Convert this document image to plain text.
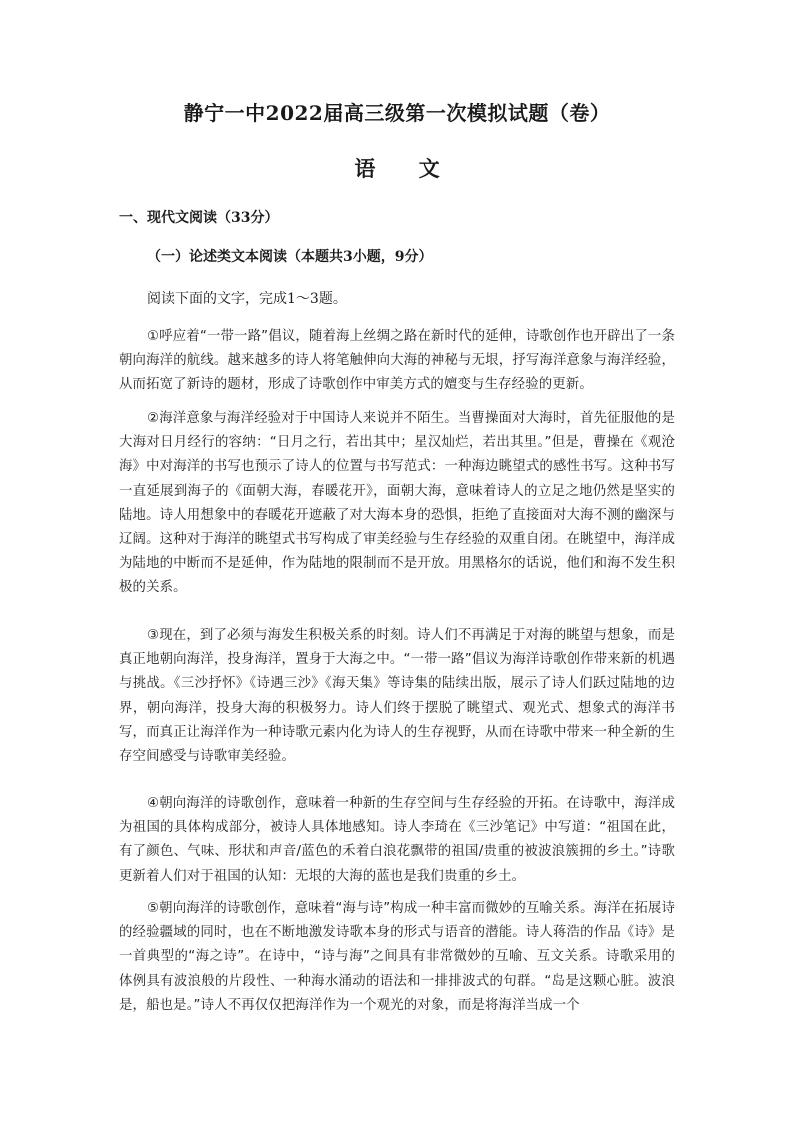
静宁一中2022届高三级第一次模拟试题（卷）
语 文
一、现代文阅读（33分）
（一）论述类文本阅读（本题共3小题，9分）
阅读下面的文字，完成1～3题。

①呼应着“一带一路”倡议，随着海上丝绸之路在新时代的延伸，诗歌创作也开辟出了一条朝向海洋的航线。越来越多的诗人将笔触伸向大海的神秘与无垠，抒写海洋意象与海洋经验，从而拓宽了新诗的题材，形成了诗歌创作中审美方式的嬗变与生存经验的更新。

②海洋意象与海洋经验对于中国诗人来说并不陌生。当曹操面对大海时，首先征服他的是大海对日月经行的容纳：“日月之行，若出其中；星汉灿烂，若出其里。”但是，曹操在《观沧海》中对海洋的书写也预示了诗人的位置与书写范式：一种海边眺望式的感性书写。这种书写一直延展到海子的《面朝大海，春暖花开》，面朝大海，意味着诗人的立足之地仍然是坚实的陆地。诗人用想象中的春暖花开遮蔽了对大海本身的恐惧，拒绝了直接面对大海不测的幽深与辽阔。这种对于海洋的眺望式书写构成了审美经验与生存经验的双重自闭。在眺望中，海洋成为陆地的中断而不是延伸，作为陆地的限制而不是开放。用黑格尔的话说，他们和海不发生积极的关系。

③现在，到了必须与海发生积极关系的时刻。诗人们不再满足于对海的眺望与想象，而是真正地朝向海洋，投身海洋，置身于大海之中。“一带一路”倡议为海洋诗歌创作带来新的机遇与挑战。《三沙抒怀》《诗遇三沙》《海天集》等诗集的陆续出版，展示了诗人们跃过陆地的边界，朝向海洋，投身大海的积极努力。诗人们终于摆脱了眺望式、观光式、想象式的海洋书写，而真正让海洋作为一种诗歌元素内化为诗人的生存视野，从而在诗歌中带来一种全新的生存空间感受与诗歌审美经验。

④朝向海洋的诗歌创作，意味着一种新的生存空间与生存经验的开拓。在诗歌中，海洋成为祖国的具体构成部分，被诗人具体地感知。诗人李琦在《三沙笔记》中写道：“祖国在此，有了颜色、气味、形状和声音/蓝色的禾着白浪花飘带的祖国/贵重的被波浪簇拥的乡土。”诗歌更新着人们对于祖国的认知：无垠的大海的蓝也是我们贵重的乡土。

⑤朝向海洋的诗歌创作，意味着“海与诗”构成一种丰富而微妙的互喻关系。海洋在拓展诗的经验疆域的同时，也在不断地激发诗歌本身的形式与语音的潜能。诗人蒋浩的作品《诗》是一首典型的“海之诗”。在诗中，“诗与海”之间具有非常微妙的互喻、互文关系。诗歌采用的体例具有波浪般的片段性、一种海水涌动的语法和一排排波式的句群。“岛是这颗心脏。波浪是，船也是。”诗人不再仅仅把海洋作为一个观光的对象，而是将海洋当成一个
